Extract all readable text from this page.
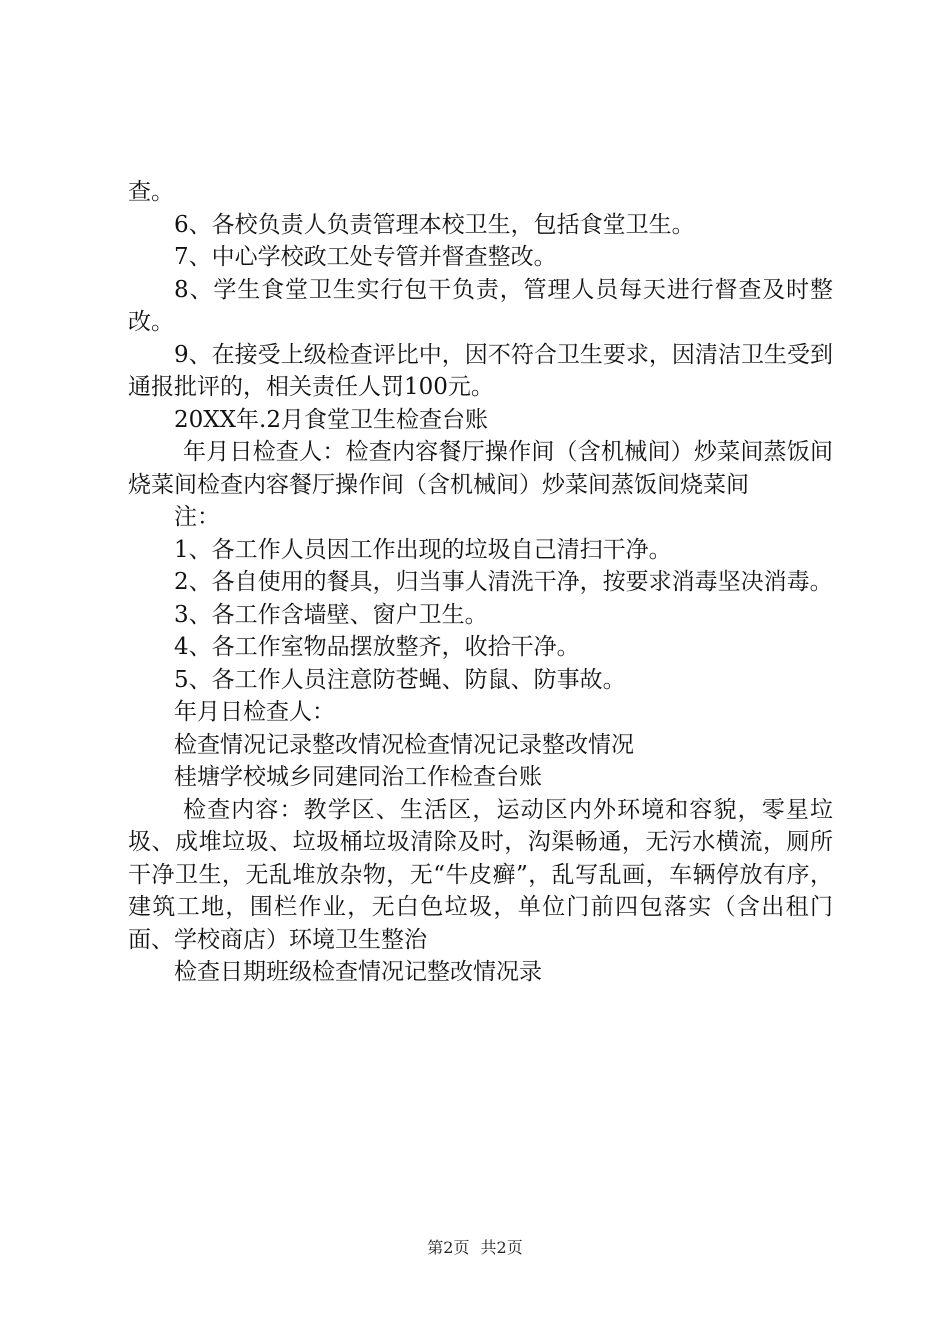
查。

6、各校负责人负责管理本校卫生，包括食堂卫生。

7、中心学校政工处专管并督查整改。

8、学生食堂卫生实行包干负责，管理人员每天进行督查及时整改。

9、在接受上级检查评比中，因不符合卫生要求，因清洁卫生受到通报批评的，相关责任人罚100元。

20XX年.2月食堂卫生检查台账

年月日检查人：检查内容餐厅操作间（含机械间）炒菜间蒸饭间烧菜间检查内容餐厅操作间（含机械间）炒菜间蒸饭间烧菜间

注：

1、各工作人员因工作出现的垃圾自己清扫干净。

2、各自使用的餐具，归当事人清洗干净，按要求消毒坚决消毒。

3、各工作含墙壁、窗户卫生。

4、各工作室物品摆放整齐，收拾干净。

5、各工作人员注意防苍蝇、防鼠、防事故。

年月日检查人：

检查情况记录整改情况检查情况记录整改情况

桂塘学校城乡同建同治工作检查台账

检查内容：教学区、生活区，运动区内外环境和容貌，零星垃圾、成堆垃圾、垃圾桶垃圾清除及时，沟渠畅通，无污水横流，厕所干净卫生，无乱堆放杂物，无“牛皮癣”，乱写乱画，车辆停放有序，建筑工地，围栏作业，无白色垃圾，单位门前四包落实（含出租门面、学校商店）环境卫生整治

检查日期班级检查情况记整改情况录

第2页 共2页
